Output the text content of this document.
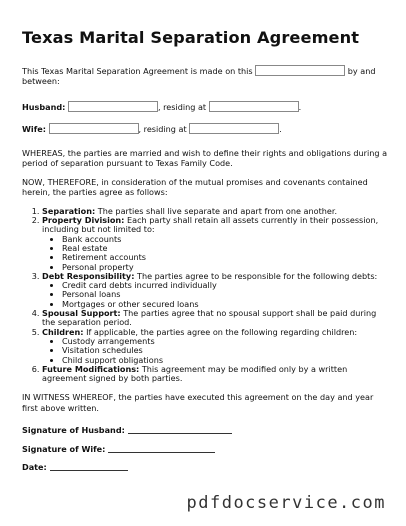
Texas Marital Separation Agreement

This Texas Marital Separation Agreement is made on this	by and between:

Husband:	, residing at	.
Wife:	, residing at	.

WHEREAS, the parties are married and wish to define their rights and obligations during a period of separation pursuant to Texas Family Code.

NOW, THEREFORE, in consideration of the mutual promises and covenants contained herein, the parties agree as follows:

1. Separation: The parties shall live separate and apart from one another.
2. Property Division: Each party shall retain all assets currently in their possession, including but not limited to:
• Bank accounts
• Real estate
• Retirement accounts
• Personal property
3. Debt Responsibility: The parties agree to be responsible for the following debts:
• Credit card debts incurred individually
• Personal loans
• Mortgages or other secured loans
4. Spousal Support: The parties agree that no spousal support shall be paid during the separation period.
5. Children: If applicable, the parties agree on the following regarding children:
• Custody arrangements
• Visitation schedules
• Child support obligations
6. Future Modifications: This agreement may be modified only by a written agreement signed by both parties.

IN WITNESS WHEREOF, the parties have executed this agreement on the day and year first above written.

Signature of Husband:
Signature of Wife:
Date:
pdfdocservice.com
